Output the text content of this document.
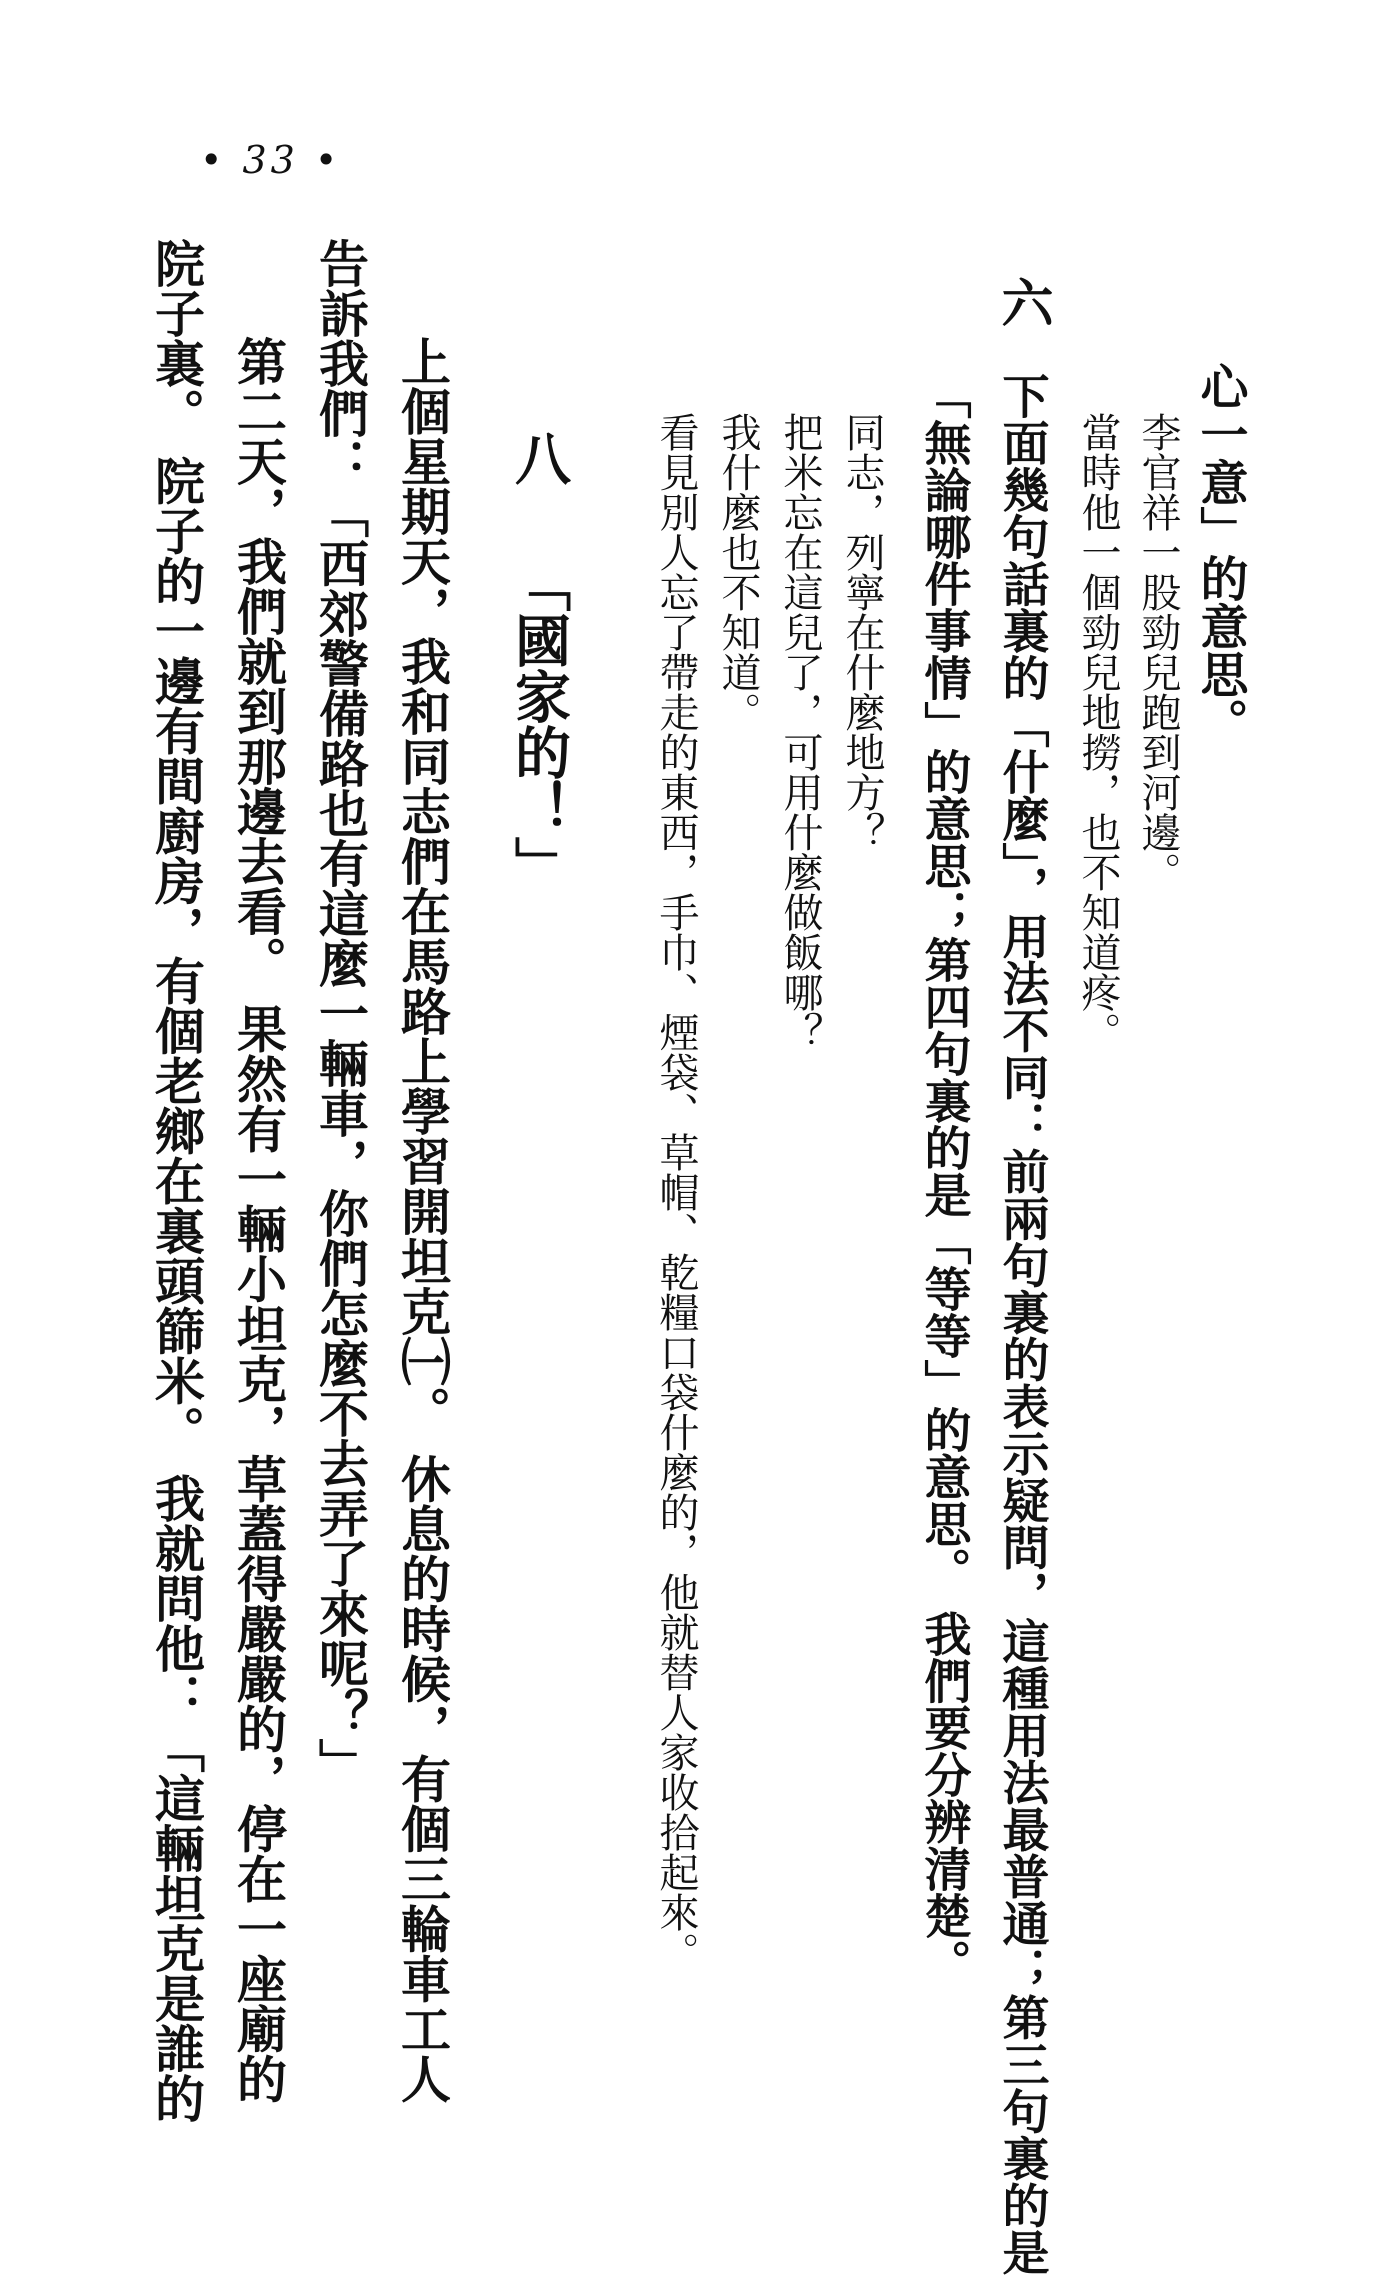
• 33 •
心一意」的意思。
李官祥一股勁兒跑到河邊。
當時他一個勁兒地撈，也不知道疼。
六
下面幾句話裏的「什麼」，用法不同：前兩句裏的表示疑問，這種用法最普通；第三句裏的是
「無論哪件事情」的意思；第四句裏的是「等等」的意思。 我們要分辨清楚。
同志，列寧在什麼地方？
把米忘在這兒了，可用什麼做飯哪？
我什麼也不知道。
看見別人忘了帶走的東西，手巾、煙袋、草帽、乾糧口袋什麼的，他就替人家收拾起來。
八
「國家的！」
上個星期天，我和同志們在馬路上學習開坦克㈠。 休息的時候，有個三輪車工人
告訴我們：「西郊警備路也有這麼一輛車，你們怎麼不去弄了來呢？」
第二天，我們就到那邊去看。 果然有一輛小坦克，草蓋得嚴嚴的，停在一座廟的
院子裏。 院子的一邊有間廚房，有個老鄉在裏頭篩米。 我就問他：「這輛坦克是誰的
